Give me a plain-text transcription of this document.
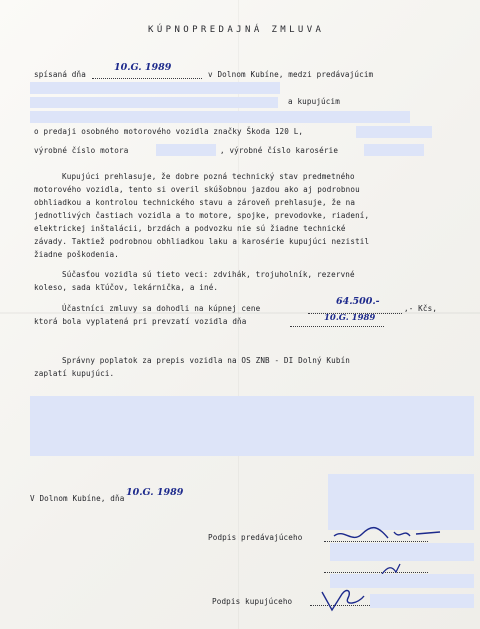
KÚPNOPREDAJNÁ ZMLUVA
spísaná dňa
10.G. 1989
v Dolnom Kubíne, medzi predávajúcim
a kupujúcim
o predaji osobného motorového vozidla značky Škoda 120 L,
výrobné číslo motora	, výrobné číslo karosérie
Kupujúci prehlasuje, že dobre pozná technický stav predmetného
motorového vozidla, tento si overil skúšobnou jazdou ako aj podrobnou
obhliadkou a kontrolou technického stavu a zároveň prehlasuje, že na
jednotlivých častiach vozidla a to motore, spojke, prevodovke, riadení,
elektrickej inštalácii, brzdách a podvozku nie sú žiadne technické
závady. Taktiež podrobnou obhliadkou laku a karosérie kupujúci nezistil
žiadne poškodenia.
Súčasťou vozidla sú tieto veci: zdvihák, trojuholník, rezervné
koleso, sada kľúčov, lekárnička, a iné.
Účastníci zmluvy sa dohodli na kúpnej cene
64.500.-
,- Kčs,
ktorá bola vyplatená pri prevzatí vozidla dňa	10.G. 1989
Správny poplatok za prepis vozidla na OS ZNB - DI Dolný Kubín
zaplatí kupujúci.
V Dolnom Kubíne, dňa
10.G. 1989
Podpis predávajúceho
Podpis kupujúceho
